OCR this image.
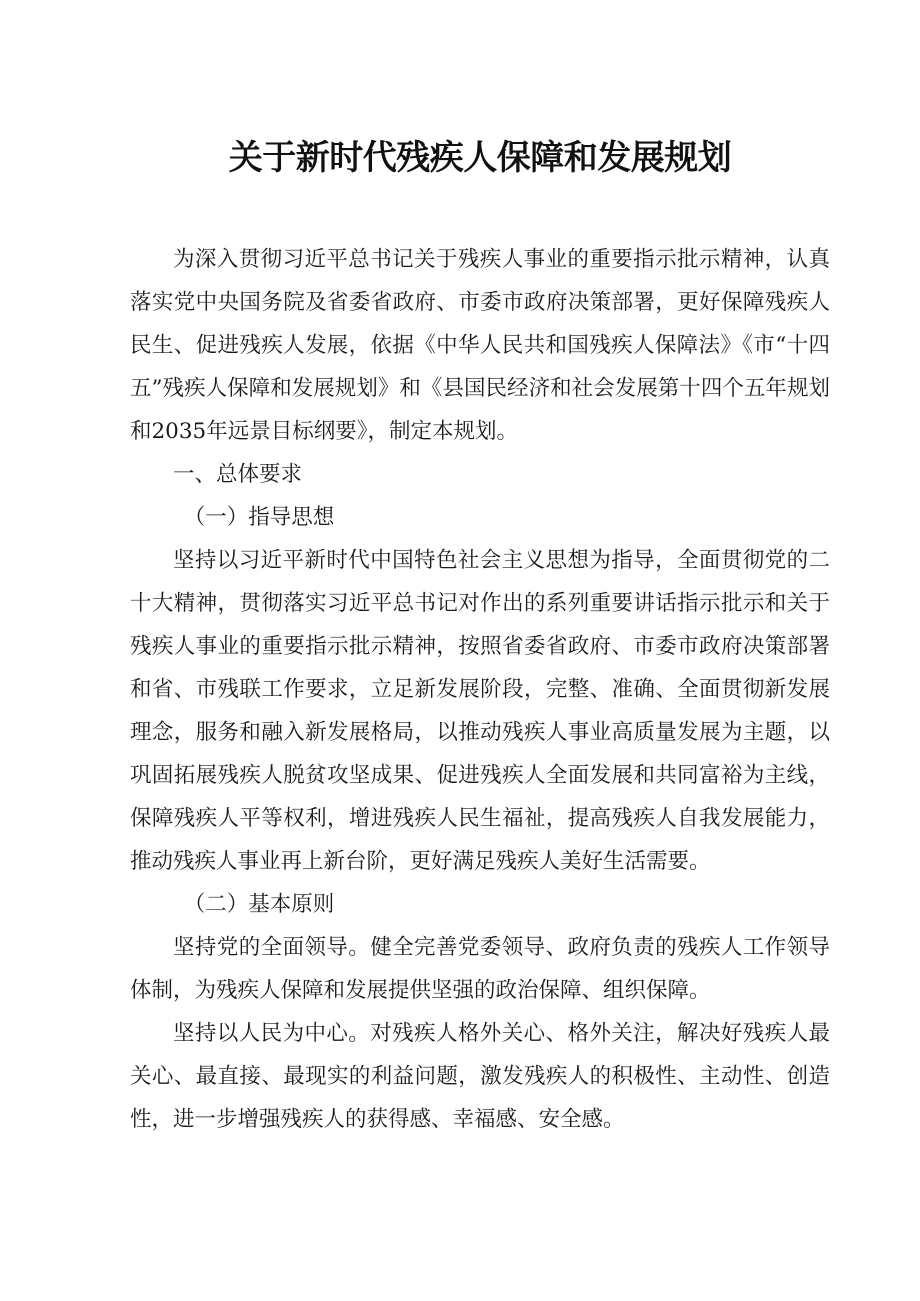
关于新时代残疾人保障和发展规划

为深入贯彻习近平总书记关于残疾人事业的重要指示批示精神，认真落实党中央国务院及省委省政府、市委市政府决策部署，更好保障残疾人民生、促进残疾人发展，依据《中华人民共和国残疾人保障法》《市“十四五”残疾人保障和发展规划》和《县国民经济和社会发展第十四个五年规划和2035年远景目标纲要》，制定本规划。

一、总体要求

（一）指导思想

坚持以习近平新时代中国特色社会主义思想为指导，全面贯彻党的二十大精神，贯彻落实习近平总书记对作出的系列重要讲话指示批示和关于残疾人事业的重要指示批示精神，按照省委省政府、市委市政府决策部署和省、市残联工作要求，立足新发展阶段，完整、准确、全面贯彻新发展理念，服务和融入新发展格局，以推动残疾人事业高质量发展为主题，以巩固拓展残疾人脱贫攻坚成果、促进残疾人全面发展和共同富裕为主线，保障残疾人平等权利，增进残疾人民生福祉，提高残疾人自我发展能力，推动残疾人事业再上新台阶，更好满足残疾人美好生活需要。

（二）基本原则

坚持党的全面领导。健全完善党委领导、政府负责的残疾人工作领导体制，为残疾人保障和发展提供坚强的政治保障、组织保障。

坚持以人民为中心。对残疾人格外关心、格外关注，解决好残疾人最关心、最直接、最现实的利益问题，激发残疾人的积极性、主动性、创造性，进一步增强残疾人的获得感、幸福感、安全感。
